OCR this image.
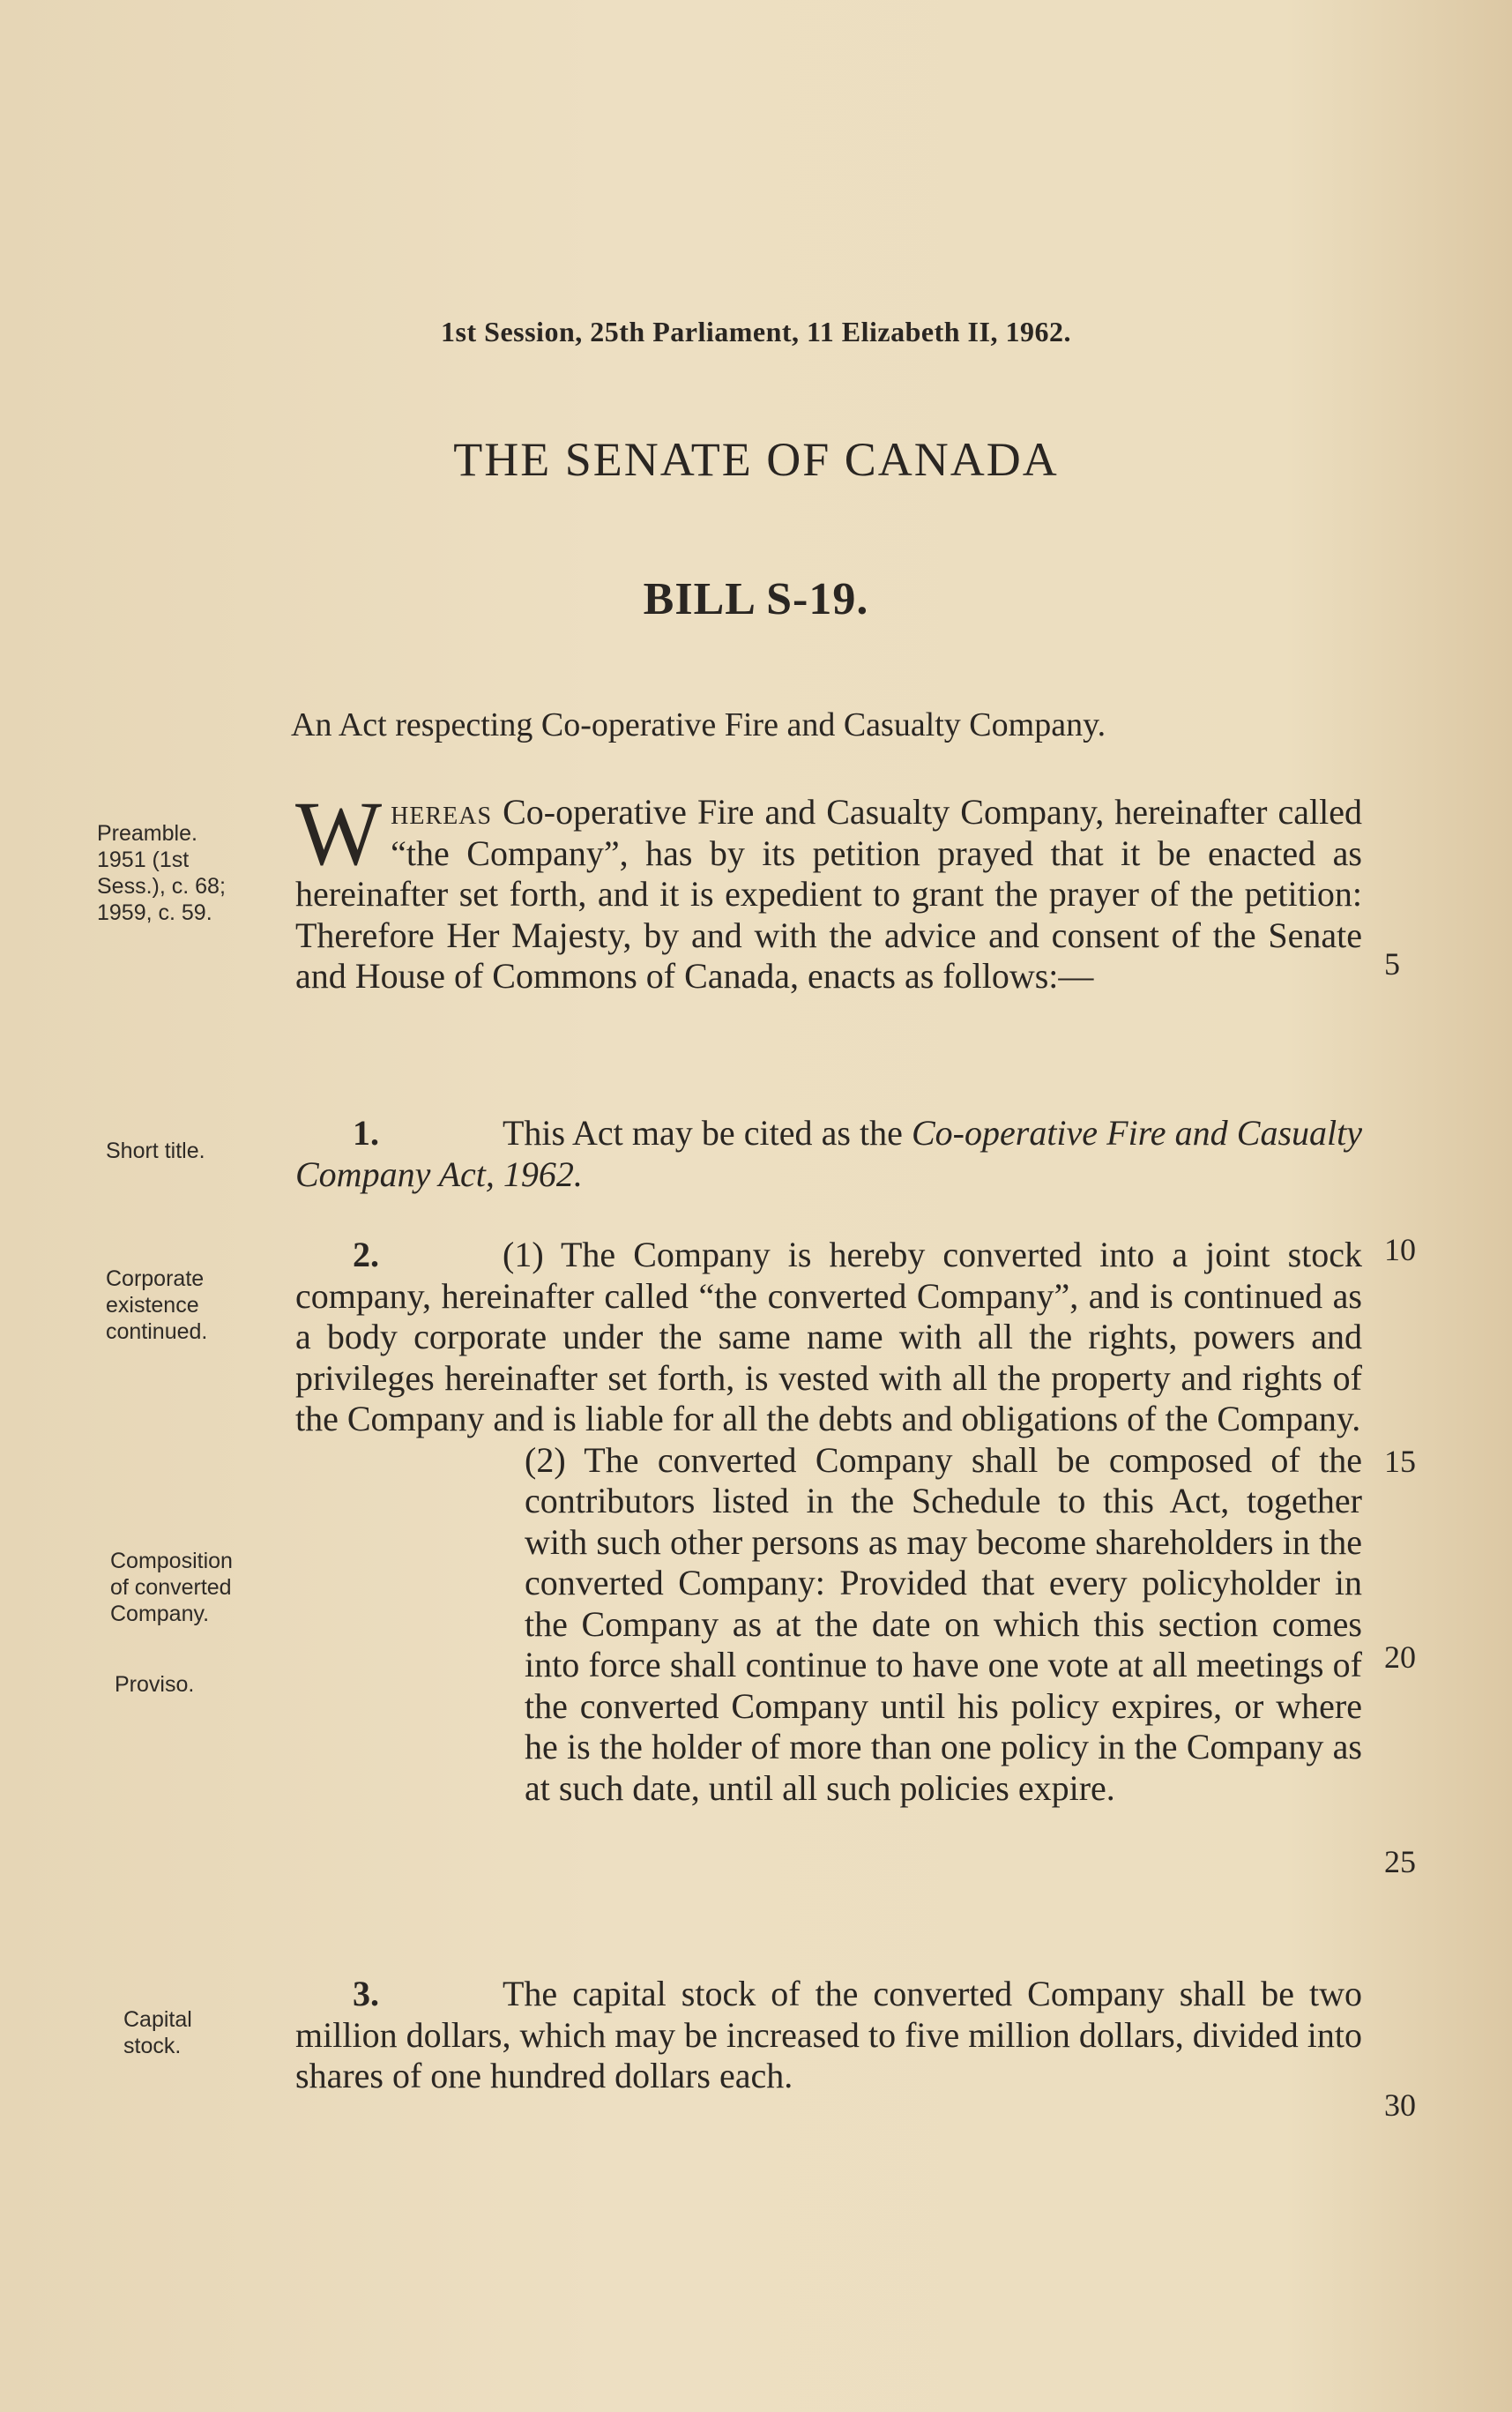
1st Session, 25th Parliament, 11 Elizabeth II, 1962.
THE SENATE OF CANADA
BILL S-19.
An Act respecting Co-operative Fire and Casualty Company.
Preamble.
1951 (1st
Sess.), c. 68;
1959, c. 59.
Short title.
Corporate
existence
continued.
Composition
of converted
Company.
Proviso.
Capital
stock.

Whereas Co-operative Fire and Casualty Company, hereinafter called “the Company”, has by its petition prayed that it be enacted as hereinafter set forth, and it is expedient to grant the prayer of the petition: Therefore Her Majesty, by and with the advice and consent of the Senate and House of Commons of Canada, enacts as follows:—

1.	This Act may be cited as the Co-operative Fire and Casualty Company Act, 1962.

2.	(1) The Company is hereby converted into a joint stock company, hereinafter called “the converted Company”, and is continued as a body corporate under the same name with all the rights, powers and privileges hereinafter set forth, is vested with all the property and rights of the Company and is liable for all the debts and obligations of the Company.

(2) The converted Company shall be composed of the contributors listed in the Schedule to this Act, together with such other persons as may become shareholders in the converted Company: Provided that every policyholder in the Company as at the date on which this section comes into force shall continue to have one vote at all meetings of the converted Company until his policy expires, or where he is the holder of more than one policy in the Company as at such date, until all such policies expire.

3.	The capital stock of the converted Company shall be two million dollars, which may be increased to five million dollars, divided into shares of one hundred dollars each.

5
10
15
20
25
30
